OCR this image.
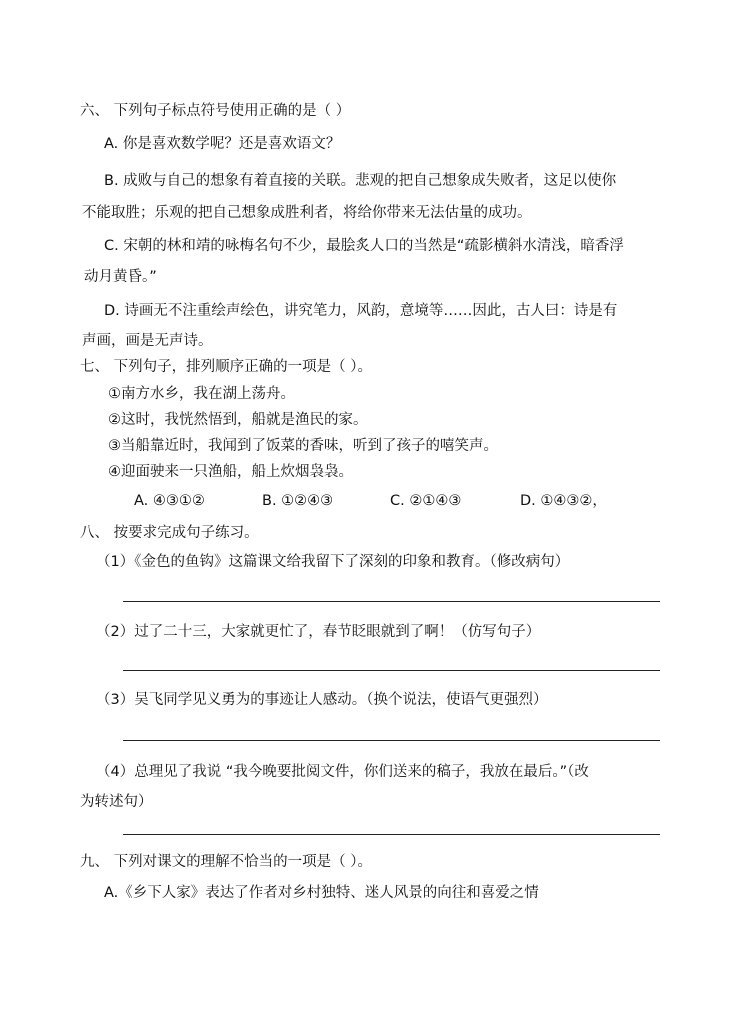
六、 下列句子标点符号使用正确的是（ ）
A. 你是喜欢数学呢？还是喜欢语文？
B. 成败与自己的想象有着直接的关联。悲观的把自己想象成失败者，这足以使你
不能取胜；乐观的把自己想象成胜利者，将给你带来无法估量的成功。
C. 宋朝的林和靖的咏梅名句不少，最脍炙人口的当然是“疏影横斜水清浅，暗香浮
动月黄昏。”
D. 诗画无不注重绘声绘色，讲究笔力，风韵，意境等……因此，古人曰：诗是有
声画，画是无声诗。
七、 下列句子，排列顺序正确的一项是（ ）。
①南方水乡，我在湖上荡舟。
②这时，我恍然悟到，船就是渔民的家。
③当船靠近时，我闻到了饭菜的香味，听到了孩子的嘻笑声。
④迎面驶来一只渔船，船上炊烟袅袅。
A. ④③①②	B. ①②④③	C. ②①④③	D. ①④③②，
八、 按要求完成句子练习。
（1）《金色的鱼钩》这篇课文给我留下了深刻的印象和教育。（修改病句）
（2）过了二十三，大家就更忙了，春节眨眼就到了啊！（仿写句子）
（3）吴飞同学见义勇为的事迹让人感动。（换个说法，使语气更强烈）
（4）总理见了我说 “我今晚要批阅文件，你们送来的稿子，我放在最后。”（改
为转述句）
九、 下列对课文的理解不恰当的一项是（ ）。
A.《乡下人家》表达了作者对乡村独特、迷人风景的向往和喜爱之情
